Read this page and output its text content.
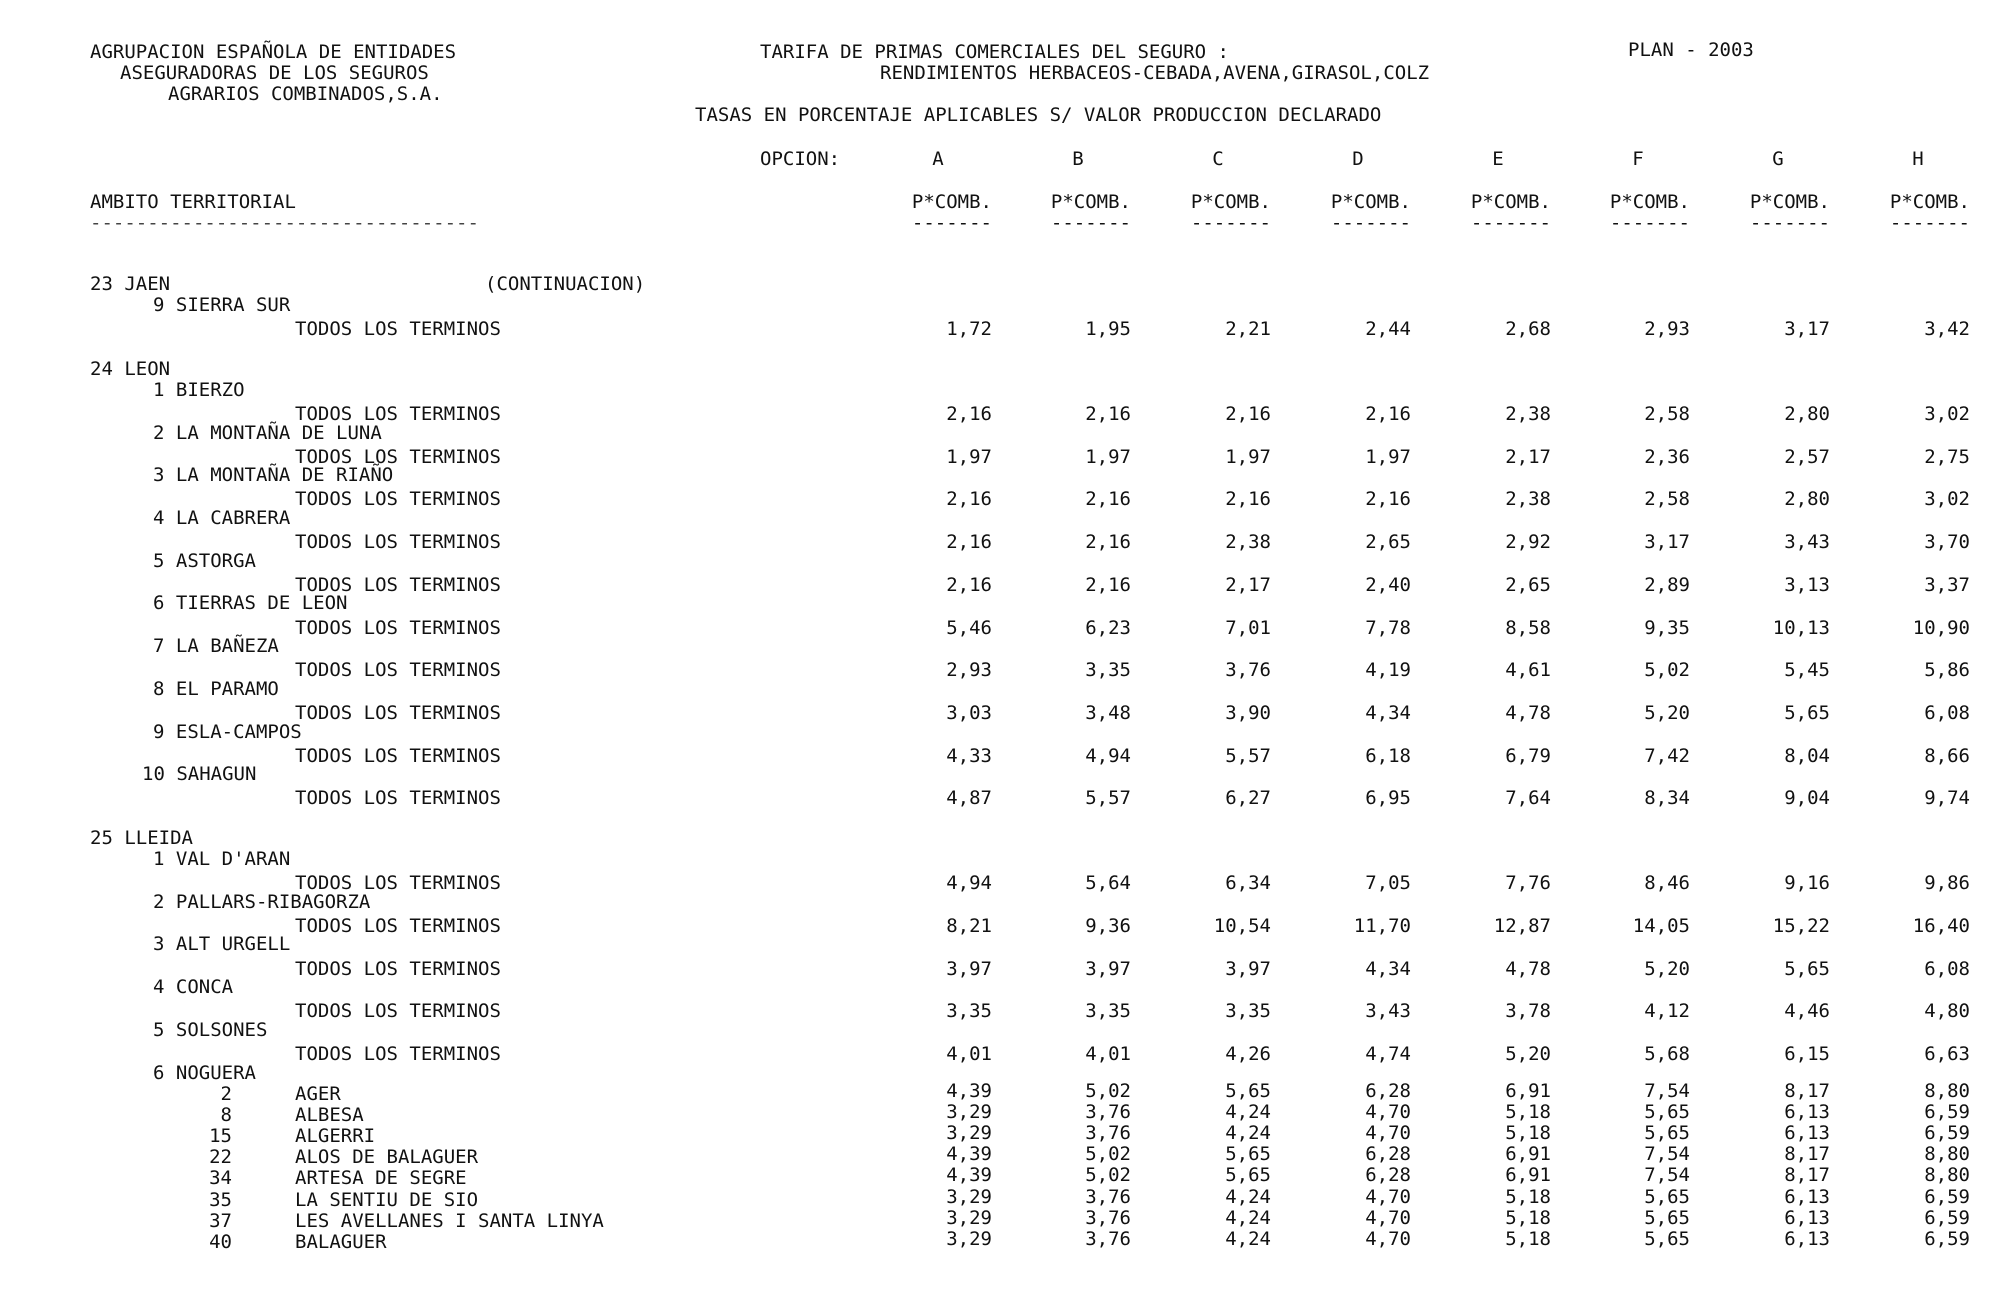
AGRUPACION ESPAÑOLA DE ENTIDADES
ASEGURADORAS DE LOS SEGUROS
AGRARIOS COMBINADOS,S.A.
TARIFA DE PRIMAS COMERCIALES DEL SEGURO :	PLAN - 2003
RENDIMIENTOS HERBACEOS-CEBADA,AVENA,GIRASOL,COLZ
TASAS EN PORCENTAJE APLICABLES S/ VALOR PRODUCCION DECLARADO
OPCION:	A	B	C	D	E	F	G	H
AMBITO TERRITORIAL	P*COMB.	P*COMB.	P*COMB.	P*COMB.	P*COMB.	P*COMB.	P*COMB.	P*COMB.
----------------------------------	-------	-------	-------	-------	-------	-------	-------	-------
23 JAEN	(CONTINUACION)
9 SIERRA SUR
TODOS LOS TERMINOS	1,72	1,95	2,21	2,44	2,68	2,93	3,17	3,42
24 LEON
1 BIERZO
TODOS LOS TERMINOS	2,16	2,16	2,16	2,16	2,38	2,58	2,80	3,02
2 LA MONTAÑA DE LUNA
TODOS LOS TERMINOS	1,97	1,97	1,97	1,97	2,17	2,36	2,57	2,75
3 LA MONTAÑA DE RIAÑO
TODOS LOS TERMINOS	2,16	2,16	2,16	2,16	2,38	2,58	2,80	3,02
4 LA CABRERA
TODOS LOS TERMINOS	2,16	2,16	2,38	2,65	2,92	3,17	3,43	3,70
5 ASTORGA
TODOS LOS TERMINOS	2,16	2,16	2,17	2,40	2,65	2,89	3,13	3,37
6 TIERRAS DE LEON
TODOS LOS TERMINOS	5,46	6,23	7,01	7,78	8,58	9,35	10,13	10,90
7 LA BAÑEZA
TODOS LOS TERMINOS	2,93	3,35	3,76	4,19	4,61	5,02	5,45	5,86
8 EL PARAMO
TODOS LOS TERMINOS	3,03	3,48	3,90	4,34	4,78	5,20	5,65	6,08
9 ESLA-CAMPOS
TODOS LOS TERMINOS	4,33	4,94	5,57	6,18	6,79	7,42	8,04	8,66
10 SAHAGUN
TODOS LOS TERMINOS	4,87	5,57	6,27	6,95	7,64	8,34	9,04	9,74
25 LLEIDA
1 VAL D'ARAN
TODOS LOS TERMINOS	4,94	5,64	6,34	7,05	7,76	8,46	9,16	9,86
2 PALLARS-RIBAGORZA
TODOS LOS TERMINOS	8,21	9,36	10,54	11,70	12,87	14,05	15,22	16,40
3 ALT URGELL
TODOS LOS TERMINOS	3,97	3,97	3,97	4,34	4,78	5,20	5,65	6,08
4 CONCA
TODOS LOS TERMINOS	3,35	3,35	3,35	3,43	3,78	4,12	4,46	4,80
5 SOLSONES
TODOS LOS TERMINOS	4,01	4,01	4,26	4,74	5,20	5,68	6,15	6,63
6 NOGUERA
2	AGER	4,39	5,02	5,65	6,28	6,91	7,54	8,17	8,80
8	ALBESA	3,29	3,76	4,24	4,70	5,18	5,65	6,13	6,59
15	ALGERRI	3,29	3,76	4,24	4,70	5,18	5,65	6,13	6,59
22	ALOS DE BALAGUER	4,39	5,02	5,65	6,28	6,91	7,54	8,17	8,80
34	ARTESA DE SEGRE	4,39	5,02	5,65	6,28	6,91	7,54	8,17	8,80
35	LA SENTIU DE SIO	3,29	3,76	4,24	4,70	5,18	5,65	6,13	6,59
37	LES AVELLANES I SANTA LINYA	3,29	3,76	4,24	4,70	5,18	5,65	6,13	6,59
40	BALAGUER	3,29	3,76	4,24	4,70	5,18	5,65	6,13	6,59
